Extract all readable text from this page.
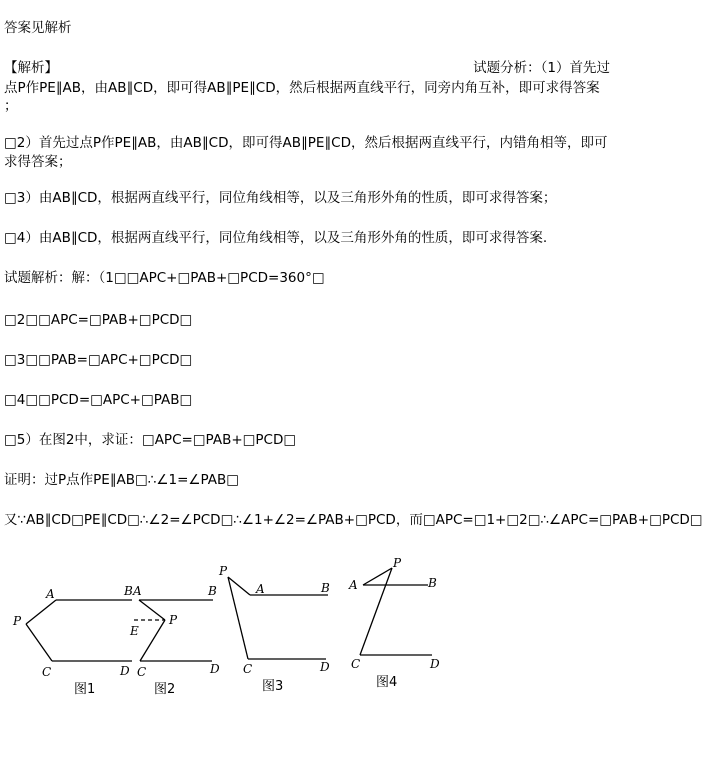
答案见解析
【解析】	试题分析：（1）首先过
点P作PE∥AB，由AB∥CD，即可得AB∥PE∥CD，然后根据两直线平行，同旁内角互补，即可求得答案
；
□2）首先过点P作PE∥AB，由AB∥CD，即可得AB∥PE∥CD，然后根据两直线平行，内错角相等，即可
求得答案；
□3）由AB∥CD，根据两直线平行，同位角线相等，以及三角形外角的性质，即可求得答案；
□4）由AB∥CD，根据两直线平行，同位角线相等，以及三角形外角的性质，即可求得答案.
试题解析：解：（1□□APC+□PAB+□PCD=360°□
□2□□APC=□PAB+□PCD□
□3□□PAB=□APC+□PCD□
□4□□PCD=□APC+□PAB□
□5）在图2中，求证：□APC=□PAB+□PCD□
证明：过P点作PE∥AB□∴∠1=∠PAB□
又∵AB∥CD□PE∥CD□∴∠2=∠PCD□∴∠1+∠2=∠PAB+□PCD，而□APC=□1+□2□∴∠APC=□PAB+□PCD□
A	B
P
C	D
图1
A	B
P
E
C	D
图2
P
A	B
C	D
图3
P
A	B
C	D
图4
